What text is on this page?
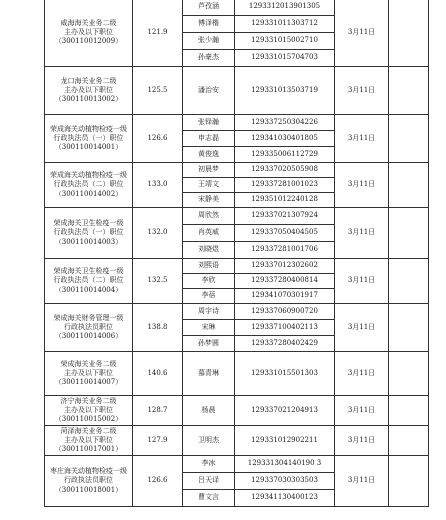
威海海关业务二级
主办及以下职位
（300110012009）	121.9	芦孜涵	1293312013901305	3月11日	
		傅泽楷	129331011303712		
		张少瀚	129331015002710		
		孙豪杰	129331015704703		

龙口海关业务二级
主办及以下职位
（300110013002）	125.5	潘治安	129331013503719	3月11日	

荣成海关动植物检疫一级
行政执法员（一）职位
（300110014001）	126.6	张铎瀚	129337250304226	3月11日	
		申志磊	129341030401805		
		黄俊逸	129335006112729		

荣成海关动植物检疫一级
行政执法员（二）职位
（300110014002）	133.0	初晨梦	129337020505908	3月11日	
		王靖文	129337281001023		
		宋静美	129351012240128		

荣成海关卫生检疫一级
行政执法员（一）职位
（300110014003）	132.0	周欣然	129337021307924	3月11日	
		肖英威	129337050404505		
		刘晓煜	129337281001706		

荣成海关卫生检疫一级
行政执法员（二）职位
（300110014004）	132.5	刘熙语	129337012302602	3月11日	
		李欣	129337280400814		
		李蓓	129341070301917		

荣成海关财务管理一级
行政执法员职位
（300110014006）	138.8	周宇诗	129337060900720	3月11日	
		宋琳	129337100402113		
		孙梦圆	129337280402429		

荣成海关业务二级
主办及以下职位
（300110014007）	140.6	慕青琳	129331015501303	3月11日	

济宁海关业务二级
主办及以下职位
（300110015002）	128.7	杨晨	129337021204913	3月11日	

菏泽海关业务二级
主办及以下职位
（300110017001）	127.9	卫明杰	129331012902211	3月11日	

枣庄海关动植物检疫一级
行政执法员职位
（300110018001）	126.6	李冰	129331304140190 3	3月11日	
		吕天译	129337030303503		
		曹文言	129341130400123		
